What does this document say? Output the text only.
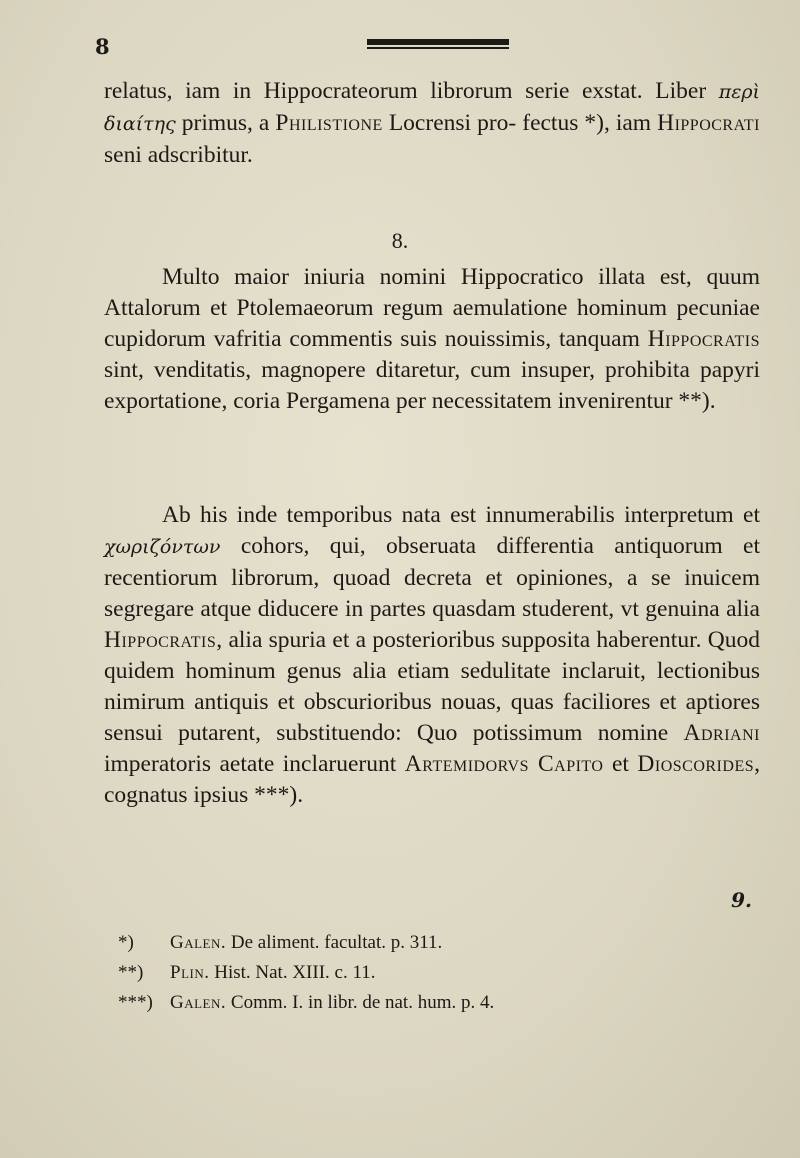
8

relatus, iam in Hippocrateorum librorum serie exstat. Liber περὶ διαίτης primus, a Philistione Locrensi pro- fectus *), iam Hippocrati seni adscribitur.

8.

Multo maior iniuria nomini Hippocratico illata est, quum Attalorum et Ptolemaeorum regum aemulatione hominum pecuniae cupidorum vafritia commentis suis nouissimis, tanquam Hippocratis sint, venditatis, magnopere ditaretur, cum insuper, prohibita papyri exportatione, coria Pergamena per necessitatem invenirentur **).

Ab his inde temporibus nata est innumerabilis interpretum et χωριζόντων cohors, qui, obseruata differentia antiquorum et recentiorum librorum, quoad decreta et opiniones, a se inuicem segregare atque diducere in partes quasdam studerent, vt genuina alia Hippocratis, alia spuria et a posterioribus supposita haberentur. Quod quidem hominum genus alia etiam sedulitate inclaruit, lectionibus nimirum antiquis et obscurioribus nouas, quas faciliores et aptiores sensui putarent, substituendo: Quo potissimum nomine Adriani imperatoris aetate inclaruerunt Artemidorvs Capito et Dioscorides, cognatus ipsius ***).

9.
*) Galen. De aliment. facultat. p. 311.
**) Plin. Hist. Nat. XIII. c. 11.
***) Galen. Comm. I. in libr. de nat. hum. p. 4.
